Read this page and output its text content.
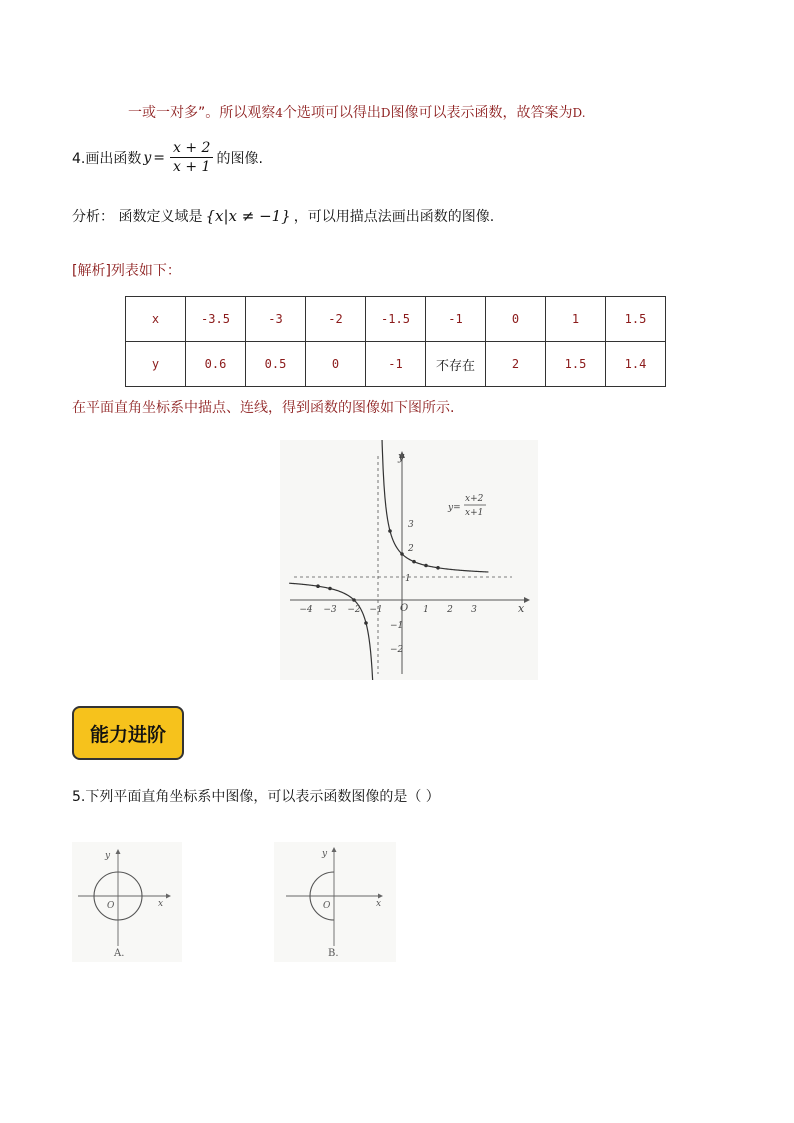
一或一对多”。所以观察4个选项可以得出D图像可以表示函数，故答案为D.
4.画出函数 $y = \frac{x + 2}{x + 1}$ 的图像.
分析： 函数定义域是 {x|x ≠ −1} ，可以用描点法画出函数的图像.
[解析]列表如下：
x	-3.5	-3	-2	-1.5	-1	0	1	1.5
y	0.6	0.5	0	-1	不存在	2	1.5	1.4
在平面直角坐标系中描点、连线，得到函数的图像如下图所示.
−4 −3 −2 −1	1 2 3
3
2
1
−1
−2
y
x
O
y=
x+2
x+1
能力进阶
5.下列平面直角坐标系中图像，可以表示函数图像的是（ ）
y
x
O
A.
y
x
O
B.
